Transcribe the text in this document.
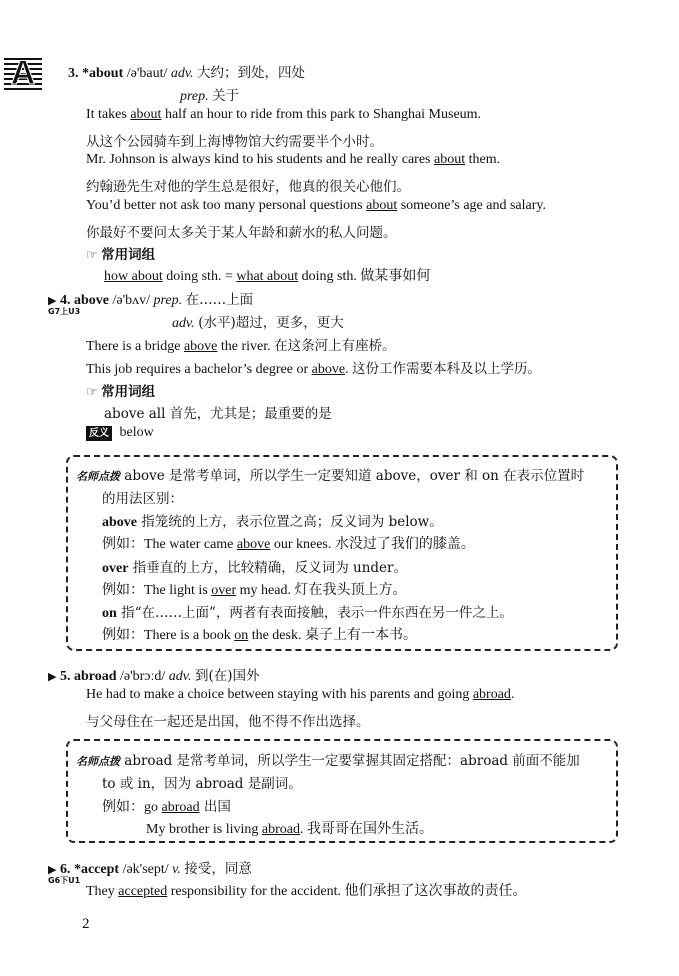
A	3. *about /ə'baut/ adv. 大约；到处，四处
prep. 关于
It takes about half an hour to ride from this park to Shanghai Museum.
从这个公园骑车到上海博物馆大约需要半个小时。
Mr. Johnson is always kind to his students and he really cares about them.
约翰逊先生对他的学生总是很好，他真的很关心他们。
You’d better not ask too many personal questions about someone’s age and salary.
你最好不要问太多关于某人年龄和薪水的私人问题。
☞ 常用词组
how about doing sth. = what about doing sth. 做某事如何
▶ 4. above /ə'bʌv/ prep. 在……上面
G7上U3
adv. (水平)超过，更多，更大
There is a bridge above the river. 在这条河上有座桥。
This job requires a bachelor’s degree or above. 这份工作需要本科及以上学历。
☞ 常用词组
above all 首先，尤其是；最重要的是
反义 below
名师点拨 above 是常考单词，所以学生一定要知道 above，over 和 on 在表示位置时
的用法区别：
above 指笼统的上方，表示位置之高；反义词为 below。
例如：The water came above our knees. 水没过了我们的膝盖。
over 指垂直的上方，比较精确，反义词为 under。
例如：The light is over my head. 灯在我头顶上方。
on 指“在……上面”，两者有表面接触，表示一件东西在另一件之上。
例如：There is a book on the desk. 桌子上有一本书。
▶ 5. abroad /ə'brɔːd/ adv. 到(在)国外
He had to make a choice between staying with his parents and going abroad.
与父母住在一起还是出国，他不得不作出选择。
名师点拨 abroad 是常考单词，所以学生一定要掌握其固定搭配：abroad 前面不能加
to 或 in，因为 abroad 是副词。
例如：go abroad 出国
My brother is living abroad. 我哥哥在国外生活。
▶ 6. *accept /ək'sept/ v. 接受，同意
G6下U1
They accepted responsibility for the accident. 他们承担了这次事故的责任。
2
